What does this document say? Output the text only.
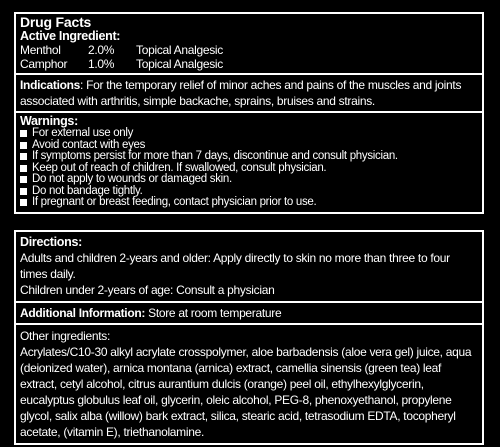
Drug Facts
Active Ingredient:
Menthol	2.0%	Topical Analgesic
Camphor	1.0%	Topical Analgesic
Indications: For the temporary relief of minor aches and pains of the muscles and joints associated with arthritis, simple backache, sprains, bruises and strains.
Warnings:
For external use only
Avoid contact with eyes
If symptoms persist for more than 7 days, discontinue and consult physician.
Keep out of reach of children. If swallowed, consult physician.
Do not apply to wounds or damaged skin.
Do not bandage tightly.
If pregnant or breast feeding, contact physician prior to use.
Directions:
Adults and children 2-years and older: Apply directly to skin no more than three to four times daily.
Children under 2-years of age: Consult a physician
Additional Information: Store at room temperature
Other ingredients:
Acrylates/C10-30 alkyl acrylate crosspolymer, aloe barbadensis (aloe vera gel) juice, aqua (deionized water), arnica montana (arnica) extract, camellia sinensis (green tea) leaf extract, cetyl alcohol, citrus aurantium dulcis (orange) peel oil, ethylhexylglycerin, eucalyptus globulus leaf oil, glycerin, oleic alcohol, PEG-8, phenoxyethanol, propylene glycol, salix alba (willow) bark extract, silica, stearic acid, tetrasodium EDTA, tocopheryl acetate, (vitamin E), triethanolamine.
